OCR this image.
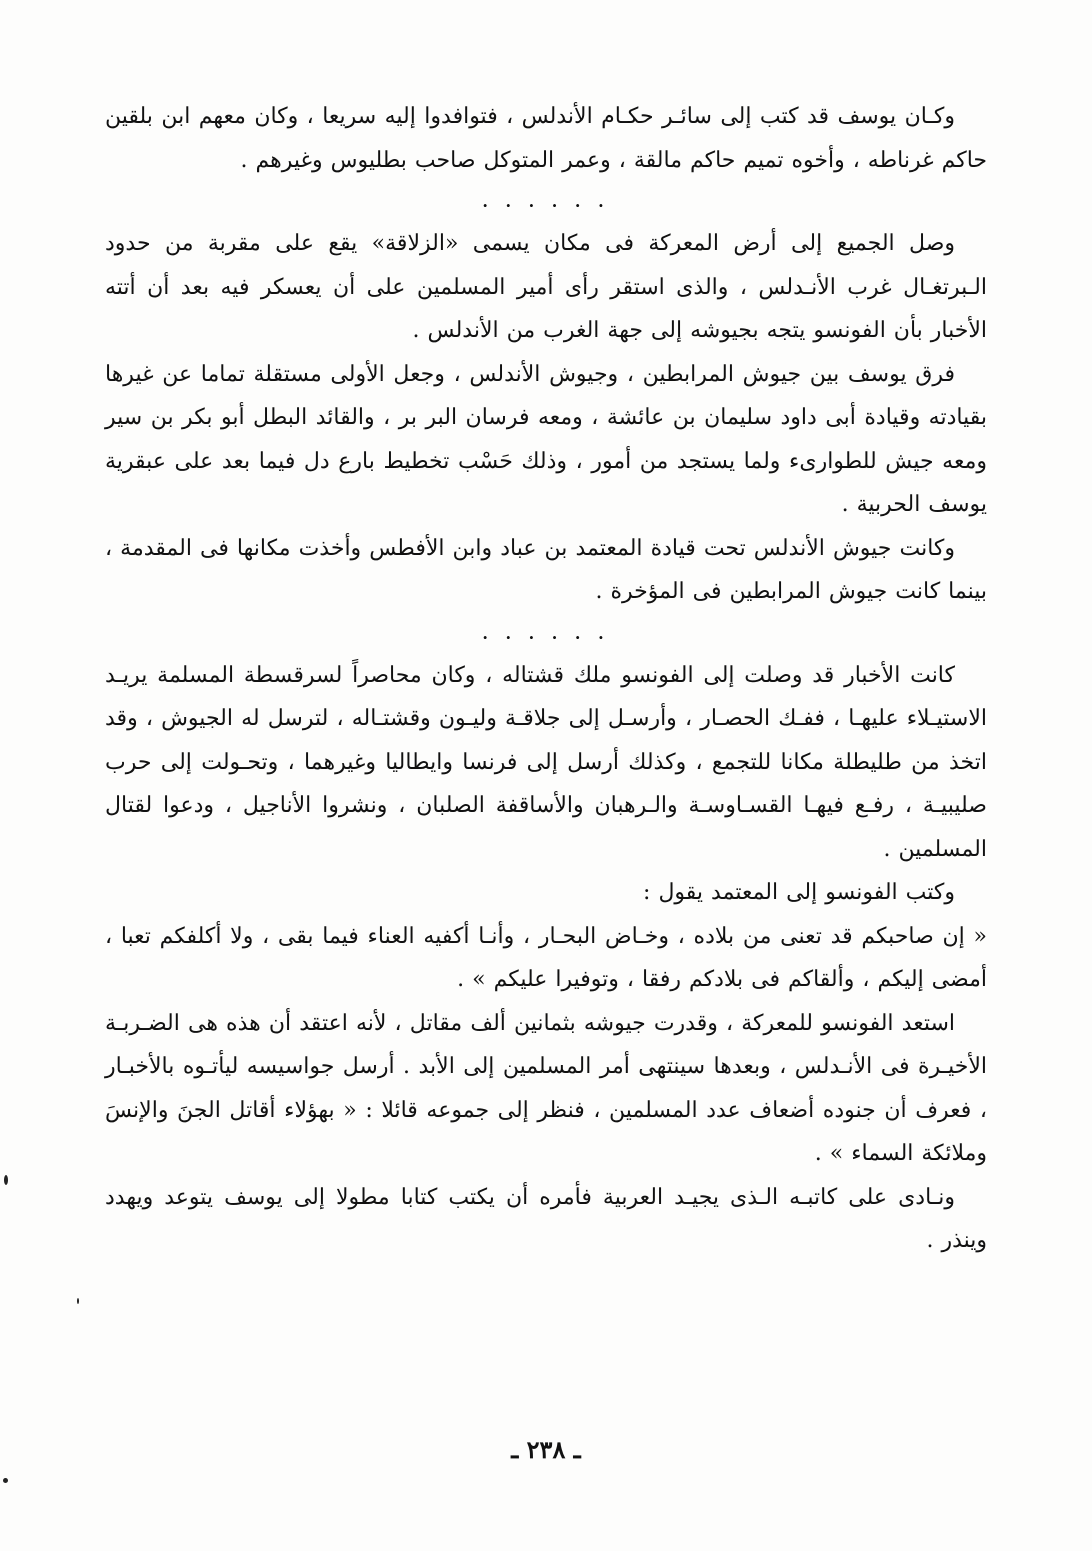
وكـان يوسف قد كتب إلى سائـر حكـام الأندلس ، فتوافدوا إليه سريعا ، وكان معهم ابن بلقين حاكم غرناطه ، وأخوه تميم حاكم مالقة ، وعمر المتوكل صاحب بطليوس وغيرهم .

. . . . . .

وصل الجميع إلى أرض المعركة فى مكان يسمى «الزلاقة» يقع على مقربة من حدود الـبرتغـال غرب الأنـدلس ، والذى استقر رأى أمير المسلمين على أن يعسكر فيه بعد أن أتته الأخبار بأن الفونسو يتجه بجيوشه إلى جهة الغرب من الأندلس .

فرق يوسف بين جيوش المرابطين ، وجيوش الأندلس ، وجعل الأولى مستقلة تماما عن غيرها بقيادته وقيادة أبى داود سليمان بن عائشة ، ومعه فرسان البر بر ، والقائد البطل أبو بكر بن سير ومعه جيش للطوارىء ولما يستجد من أمور ، وذلك حَسْب تخطيط بارع دل فيما بعد على عبقرية يوسف الحربية .

وكانت جيوش الأندلس تحت قيادة المعتمد بن عباد وابن الأفطس وأخذت مكانها فى المقدمة ، بينما كانت جيوش المرابطين فى المؤخرة .

. . . . . .

كانت الأخبار قد وصلت إلى الفونسو ملك قشتاله ، وكان محاصراً لسرقسطة المسلمة يريـد الاستيـلاء عليهـا ، ففـك الحصـار ، وأرسـل إلى جلاقـة وليـون وقشتـاله ، لترسل له الجيوش ، وقد اتخذ من طليطلة مكانا للتجمع ، وكذلك أرسل إلى فرنسا وايطاليا وغيرهما ، وتحـولت إلى حرب صليبيـة ، رفـع فيهـا القسـاوسـة والـرهبان والأساقفة الصلبان ، ونشروا الأناجيل ، ودعوا لقتال المسلمين .

وكتب الفونسو إلى المعتمد يقول :

« إن صاحبكم قد تعنى من بلاده ، وخـاض البحـار ، وأنـا أكفيه العناء فيما بقى ، ولا أكلفكم تعبا ، أمضى إليكم ، وألقاكم فى بلادكم رفقا ، وتوفيرا عليكم » .

استعد الفونسو للمعركة ، وقدرت جيوشه بثمانين ألف مقاتل ، لأنه اعتقد أن هذه هى الضـربـة الأخيـرة فى الأنـدلس ، وبعدها سينتهى أمر المسلمين إلى الأبد . أرسل جواسيسه ليأتـوه بالأخبـار ، فعرف أن جنوده أضعاف عدد المسلمين ، فنظر إلى جموعه قائلا : « بهؤلاء أقاتل الجنَ والإنسَ وملائكة السماء » .

ونـادى على كاتبـه الـذى يجيـد العربية فأمره أن يكتب كتابا مطولا إلى يوسف يتوعد ويهدد وينذر .

ـ ٢٣٨ ـ
